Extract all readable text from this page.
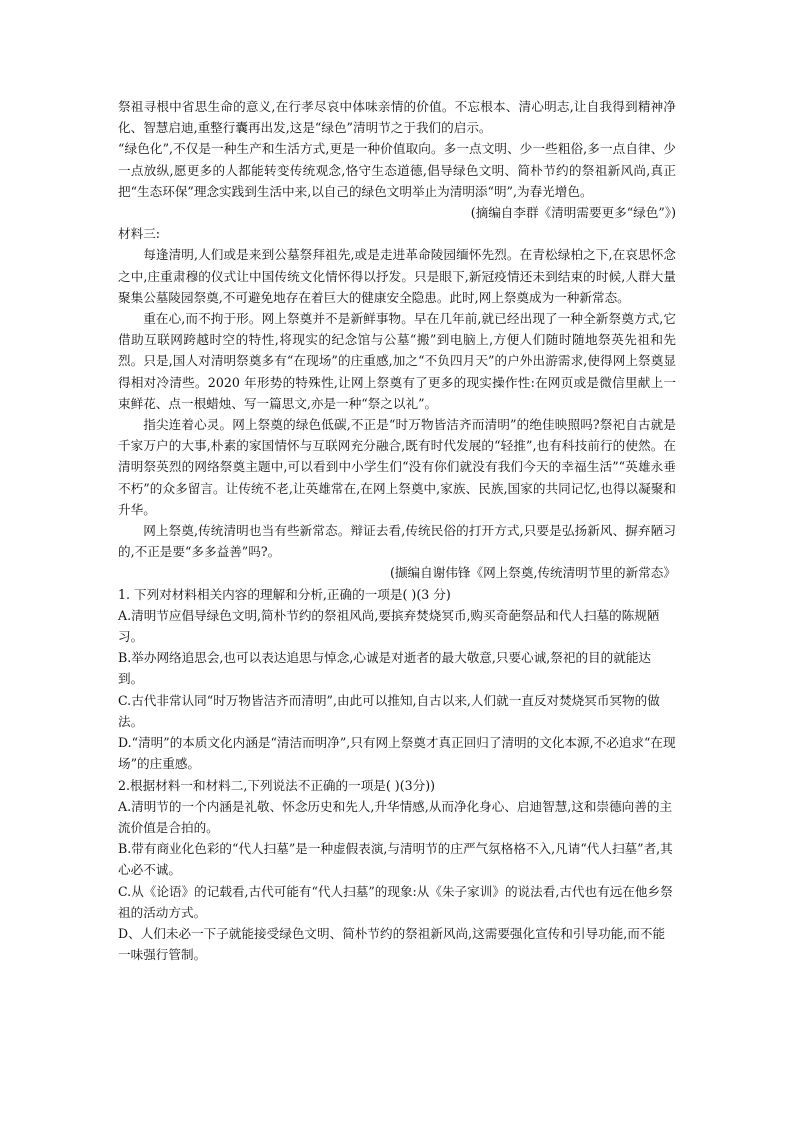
祭祖寻根中省思生命的意义,在行孝尽哀中体味亲情的价值。不忘根本、清心明志,让自我得到精神净化、智慧启迪,重整行囊再出发,这是“绿色”清明节之于我们的启示。

“绿色化”,不仅是一种生产和生活方式,更是一种价值取向。多一点文明、少一些粗俗,多一点自律、少一点放纵,愿更多的人都能转变传统观念,恪守生态道德,倡导绿色文明、简朴节约的祭祖新风尚,真正把“生态环保”理念实践到生活中来,以自己的绿色文明举止为清明添“明”,为春光增色。

(摘编自李群《清明需要更多“绿色”》)

材料三:

每逢清明,人们或是来到公墓祭拜祖先,或是走进革命陵园缅怀先烈。在青松绿柏之下,在哀思怀念之中,庄重肃穆的仪式让中国传统文化情怀得以抒发。只是眼下,新冠疫情还未到结束的时候,人群大量聚集公墓陵园祭奠,不可避免地存在着巨大的健康安全隐患。此时,网上祭奠成为一种新常态。

重在心,而不拘于形。网上祭奠并不是新鲜事物。早在几年前,就已经出现了一种全新祭奠方式,它借助互联网跨越时空的特性,将现实的纪念馆与公墓“搬”到电脑上,方便人们随时随地祭英先祖和先烈。只是,国人对清明祭奠多有“在现场”的庄重感,加之“不负四月天”的户外出游需求,使得网上祭奠显得相对冷清些。2020 年形势的特殊性,让网上祭奠有了更多的现实操作性:在网页或是微信里献上一束鲜花、点一根蜡烛、写一篇思文,亦是一种“祭之以礼”。

指尖连着心灵。网上祭奠的绿色低碳,不正是“时万物皆洁齐而清明”的绝佳映照吗?祭祀自古就是千家万户的大事,朴素的家国情怀与互联网充分融合,既有时代发展的“轻推”,也有科技前行的使然。在清明祭英烈的网络祭奠主题中,可以看到中小学生们“没有你们就没有我们今天的幸福生活”“英雄永垂不朽”的众多留言。让传统不老,让英雄常在,在网上祭奠中,家族、民族,国家的共同记忆,也得以凝聚和升华。

网上祭奠,传统清明也当有些新常态。辩证去看,传统民俗的打开方式,只要是弘扬新风、摒弃陋习的,不正是要“多多益善”吗?。

(撷编自谢伟锋《网上祭奠,传统清明节里的新常态》

1. 下列对材料相关内容的理解和分析,正确的一项是( )(3 分)

A.清明节应倡导绿色文明,简朴节约的祭祖风尚,要摈弃焚烧冥币,购买奇葩祭品和代人扫墓的陈规陋习。

B.举办网络追思会,也可以表达追思与悼念,心诚是对逝者的最大敬意,只要心诚,祭祀的目的就能达到。

C.古代非常认同“时万物皆洁齐而清明”,由此可以推知,自古以来,人们就一直反对焚烧冥币冥物的做法。

D.“清明”的本质文化内涵是“清洁而明净”,只有网上祭奠才真正回归了清明的文化本源,不必追求“在现场”的庄重感。

2.根据材料一和材料二,下列说法不正确的一项是( )(3分))

A.清明节的一个内涵是礼敬、怀念历史和先人,升华情感,从而净化身心、启迪智慧,这和崇德向善的主流价值是合拍的。

B.带有商业化色彩的“代人扫墓”是一种虚假表演,与清明节的庄严气氛格格不入,凡请“代人扫墓”者,其心必不诚。

C.从《论语》的记载看,古代可能有“代人扫墓”的现象:从《朱子家训》的说法看,古代也有远在他乡祭祖的活动方式。

D、人们未必一下子就能接受绿色文明、简朴节约的祭祖新风尚,这需要强化宣传和引导功能,而不能一味强行管制。
